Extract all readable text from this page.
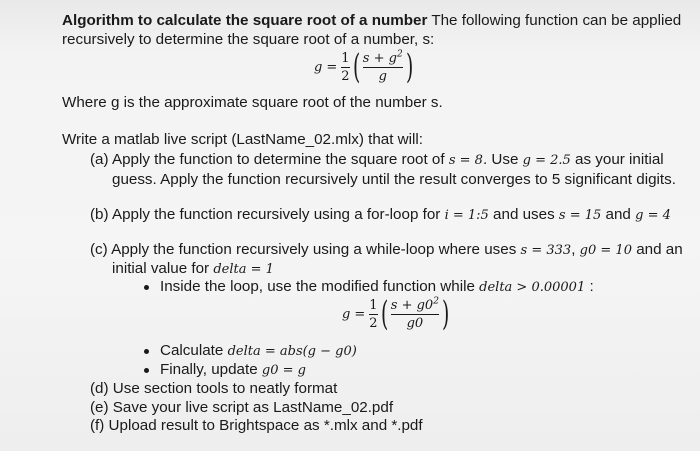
Algorithm to calculate the square root of a number The following function can be applied
recursively to determine the square root of a number, s:
$g = \frac{1}{2}$ ( $\frac{s + g^2}{g}$ )
Where g is the approximate square root of the number s.
Write a matlab live script (LastName_02.mlx) that will:
(a) Apply the function to determine the square root of s = 8. Use g = 2.5 as your initial
guess. Apply the function recursively until the result converges to 5 significant digits.
(b) Apply the function recursively using a for-loop for i = 1:5 and uses s = 15 and g = 4
(c) Apply the function recursively using a while-loop where uses s = 333, g0 = 10 and an
initial value for delta = 1
Inside the loop, use the modified function while delta > 0.00001 :
$g = \frac{1}{2}$ ( $\frac{s + g0^2}{g0}$ )
Calculate delta = abs(g − g0)
Finally, update g0 = g
(d) Use section tools to neatly format
(e) Save your live script as LastName_02.pdf
(f) Upload result to Brightspace as *.mlx and *.pdf
